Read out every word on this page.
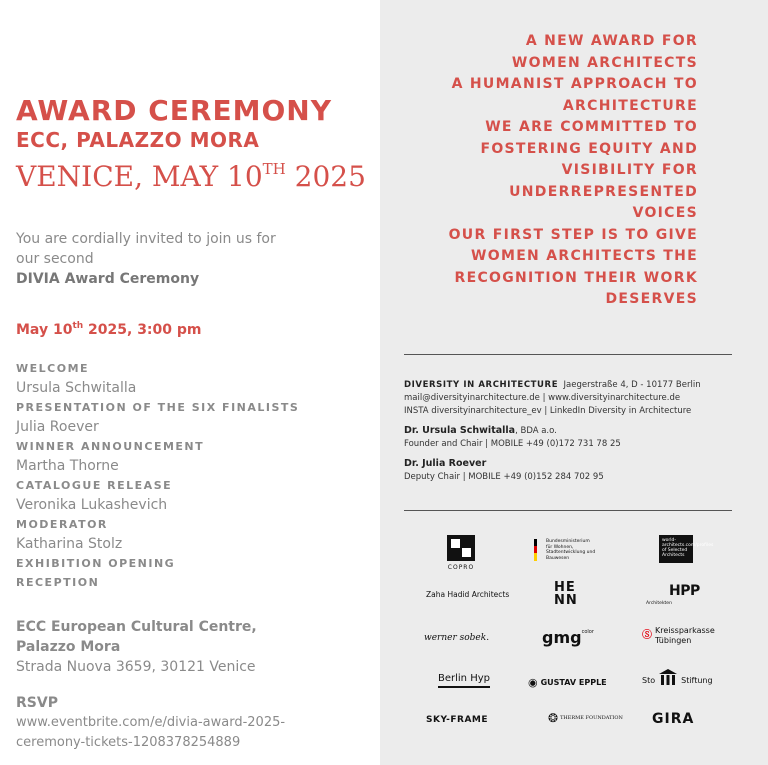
AWARD CEREMONY
ECC, PALAZZO MORA
VENICE, MAY 10TH 2025
You are cordially invited to join us for
our second
DIVIA Award Ceremony
May 10th 2025, 3:00 pm
WELCOME
Ursula Schwitalla
PRESENTATION OF THE SIX FINALISTS
Julia Roever
WINNER ANNOUNCEMENT
Martha Thorne
CATALOGUE RELEASE
Veronika Lukashevich
MODERATOR
Katharina Stolz
EXHIBITION OPENING
RECEPTION
ECC European Cultural Centre,
Palazzo Mora
Strada Nuova 3659, 30121 Venice
RSVP
www.eventbrite.com/e/divia-award-2025-
ceremony-tickets-1208378254889
A NEW AWARD FOR
WOMEN ARCHITECTS
A HUMANIST APPROACH TO
ARCHITECTURE
WE ARE COMMITTED TO
FOSTERING EQUITY AND
VISIBILITY FOR
UNDERREPRESENTED
VOICES
OUR FIRST STEP IS TO GIVE
WOMEN ARCHITECTS THE
RECOGNITION THEIR WORK
DESERVES
DIVERSITY IN ARCHITECTURE Jaegerstraße 4, D - 10177 Berlin
mail@diversityinarchitecture.de | www.diversityinarchitecture.de
INSTA diversityinarchitecture_ev | LinkedIn Diversity in Architecture
Dr. Ursula Schwitalla, BDA a.o.
Founder and Chair | MOBILE +49 (0)172 731 78 25
Dr. Julia Roever
Deputy Chair | MOBILE +49 (0)152 284 702 95
COPRO
Bundesministerium für Wohnen, Stadtentwicklung und Bauwesen
world-architects.com/profiles of Selected Architects
Zaha Hadid Architects	HENN
HPP
Architekten
werner sobek.	gmg$^{color}$	Ⓢ Kreissparkasse
Tübingen
Berlin Hyp	◉ GUSTAV EPPLE	Sto	Stiftung
SKY-FRAME	❂ THERME FOUNDATION GIRA
